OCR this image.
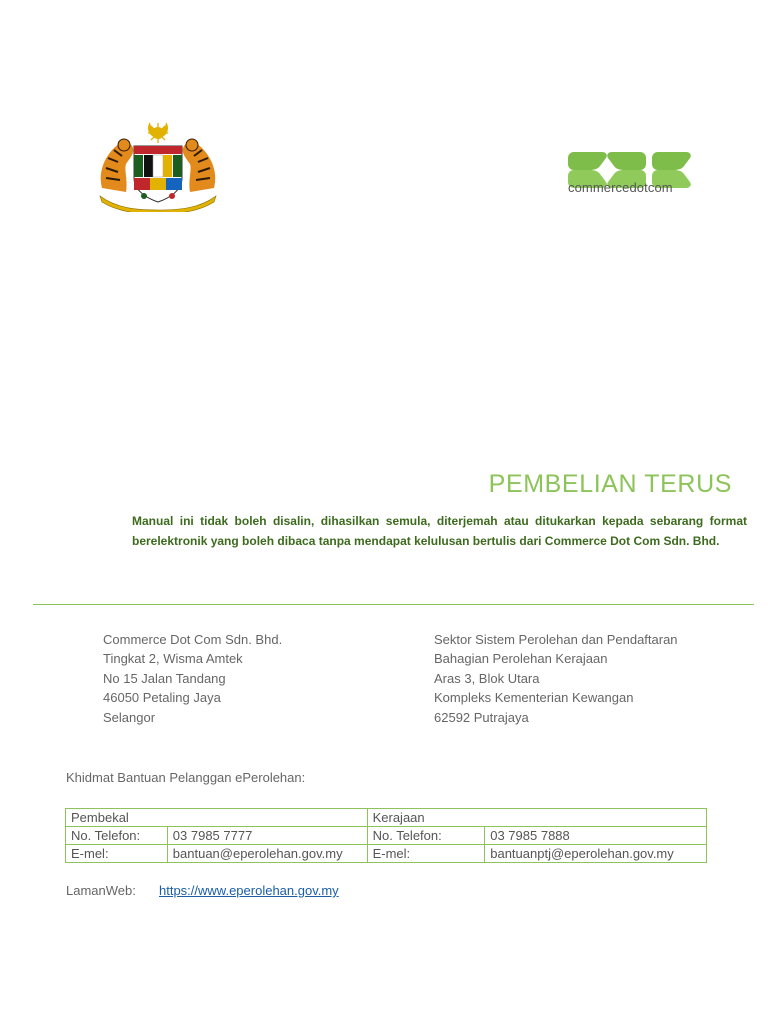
commercedotcom
PEMBELIAN TERUS
Manual ini tidak boleh disalin, dihasilkan semula, diterjemah atau ditukarkan kepada sebarang format berelektronik yang boleh dibaca tanpa mendapat kelulusan bertulis dari Commerce Dot Com Sdn. Bhd.
Commerce Dot Com Sdn. Bhd.
Tingkat 2, Wisma Amtek
No 15 Jalan Tandang
46050 Petaling Jaya
Selangor
Sektor Sistem Perolehan dan Pendaftaran
Bahagian Perolehan Kerajaan
Aras 3, Blok Utara
Kompleks Kementerian Kewangan
62592 Putrajaya
Khidmat Bantuan Pelanggan ePerolehan:
Pembekal		Kerajaan	
No. Telefon:	03 7985 7777	No. Telefon:	03 7985 7888
E-mel:	bantuan@eperolehan.gov.my	E-mel:	bantuanptj@eperolehan.gov.my
LamanWeb: https://www.eperolehan.gov.my
